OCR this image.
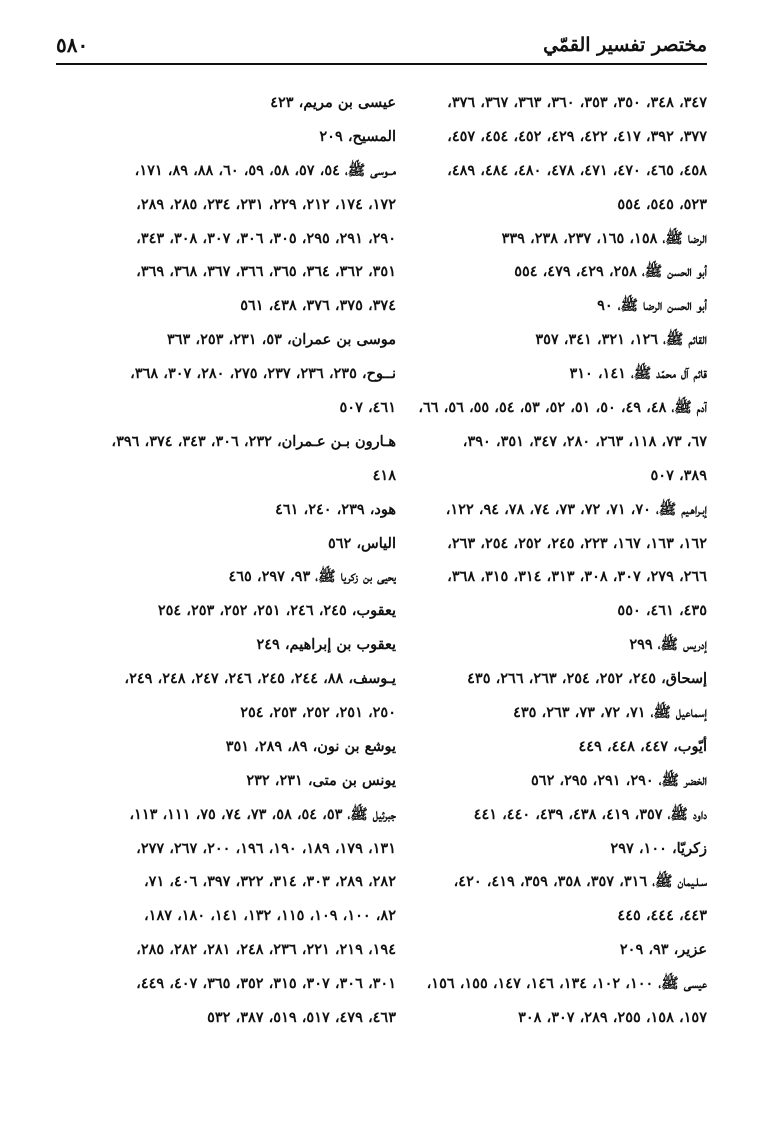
مختصر تفسير القمّي
٥٨٠
٣٤٧، ٣٤٨، ٣٥٠، ٣٥٣، ٣٦٠، ٣٦٣، ٣٦٧، ٣٧٦،
٣٧٧، ٣٩٢، ٤١٧، ٤٢٢، ٤٢٩، ٤٥٢، ٤٥٤، ٤٥٧،
٤٥٨، ٤٦٥، ٤٧٠، ٤٧١، ٤٧٨، ٤٨٠، ٤٨٤، ٤٨٩،
٥٢٣، ٥٤٥، ٥٥٤
الرضا ﷺ، ١٥٨، ١٦٥، ٢٣٧، ٢٣٨، ٣٣٩
أبو الحسن ﷺ، ٢٥٨، ٤٢٩، ٤٧٩، ٥٥٤
أبو الحسن الرضا ﷺ، ٩٠
القائم ﷺ، ١٢٦، ٣٢١، ٣٤١، ٣٥٧
قائم آل محمّد ﷺ، ١٤١، ٣١٠
آدم ﷺ، ٤٨، ٤٩، ٥٠، ٥١، ٥٢، ٥٣، ٥٤، ٥٥، ٥٦، ٦٦،
٦٧، ٧٣، ١١٨، ٢٦٣، ٢٨٠، ٣٤٧، ٣٥١، ٣٩٠،
٣٨٩، ٥٠٧
إبـراهـيم ﷺ، ٧٠، ٧١، ٧٢، ٧٣، ٧٤، ٧٨، ٩٤، ١٢٢،
١٦٢، ١٦٣، ١٦٧، ٢٢٣، ٢٤٥، ٢٥٢، ٢٥٤، ٢٦٣،
٢٦٦، ٢٧٩، ٣٠٧، ٣٠٨، ٣١٣، ٣١٤، ٣١٥، ٣٦٨،
٤٣٥، ٤٦١، ٥٥٠
إدريس ﷺ، ٢٩٩
إسحاق، ٢٤٥، ٢٥٢، ٢٥٤، ٢٦٣، ٢٦٦، ٤٣٥
إسماعيل ﷺ، ٧١، ٧٢، ٧٣، ٢٦٣، ٤٣٥
أيّوب، ٤٤٧، ٤٤٨، ٤٤٩
الخضر ﷺ، ٢٩٠، ٢٩١، ٢٩٥، ٥٦٢
داود ﷺ، ٣٥٧، ٤١٩، ٤٣٨، ٤٣٩، ٤٤٠، ٤٤١
زكريّا، ١٠٠، ٢٩٧
سـلـيمان ﷺ، ٣١٦، ٣٥٧، ٣٥٨، ٣٥٩، ٤١٩، ٤٢٠،
٤٤٣، ٤٤٤، ٤٤٥
عزير، ٩٣، ٢٠٩
عيسى ﷺ، ١٠٠، ١٠٢، ١٣٤، ١٤٦، ١٤٧، ١٥٥، ١٥٦،
١٥٧، ١٥٨، ٢٥٥، ٢٨٩، ٣٠٧، ٣٠٨
عيسى بن مريم، ٤٢٣
المسيح، ٢٠٩
مــوسى ﷺ، ٥٤، ٥٧، ٥٨، ٥٩، ٦٠، ٨٨، ٨٩، ١٧١،
١٧٢، ١٧٤، ٢١٢، ٢٢٩، ٢٣١، ٢٣٤، ٢٨٥، ٢٨٩،
٢٩٠، ٢٩١، ٢٩٥، ٣٠٥، ٣٠٦، ٣٠٧، ٣٠٨، ٣٤٣،
٣٥١، ٣٦٢، ٣٦٤، ٣٦٥، ٣٦٦، ٣٦٧، ٣٦٨، ٣٦٩،
٣٧٤، ٣٧٥، ٣٧٦، ٤٣٨، ٥٦١
موسى بن عمران، ٥٣، ٢٣١، ٢٥٣، ٣٦٣
نــوح، ٢٣٥، ٢٣٦، ٢٣٧، ٢٧٥، ٢٨٠، ٣٠٧، ٣٦٨،
٤٦١، ٥٠٧
هـارون بـن عـمران، ٢٣٢، ٣٠٦، ٣٤٣، ٣٧٤، ٣٩٦،
٤١٨
هود، ٢٣٩، ٢٤٠، ٤٦١
الياس، ٥٦٢
يحيى بن زكريا ﷺ، ٩٣، ٢٩٧، ٤٦٥
يعقوب، ٢٤٥، ٢٤٦، ٢٥١، ٢٥٢، ٢٥٣، ٢٥٤
يعقوب بن إبراهيم، ٢٤٩
يـوسف، ٨٨، ٢٤٤، ٢٤٥، ٢٤٦، ٢٤٧، ٢٤٨، ٢٤٩،
٢٥٠، ٢٥١، ٢٥٢، ٢٥٣، ٢٥٤
يوشع بن نون، ٨٩، ٢٨٩، ٣٥١
يونس بن متى، ٢٣١، ٢٣٢
جبرئيل ﷺ، ٥٣، ٥٤، ٥٨، ٧٣، ٧٤، ٧٥، ١١١، ١١٣،
١٣١، ١٧٩، ١٨٩، ١٩٠، ١٩٦، ٢٠٠، ٢٦٧، ٢٧٧،
٢٨٢، ٢٨٩، ٣٠٣، ٣١٤، ٣٢٢، ٣٩٧، ٤٠٦، ٧١،
٨٢، ١٠٠، ١٠٩، ١١٥، ١٣٢، ١٤١، ١٨٠، ١٨٧،
١٩٤، ٢١٩، ٢٢١، ٢٣٦، ٢٤٨، ٢٨١، ٢٨٢، ٢٨٥،
٣٠١، ٣٠٦، ٣٠٧، ٣١٥، ٣٥٢، ٣٦٥، ٤٠٧، ٤٤٩،
٤٦٣، ٤٧٩، ٥١٧، ٥١٩، ٣٨٧، ٥٣٢
